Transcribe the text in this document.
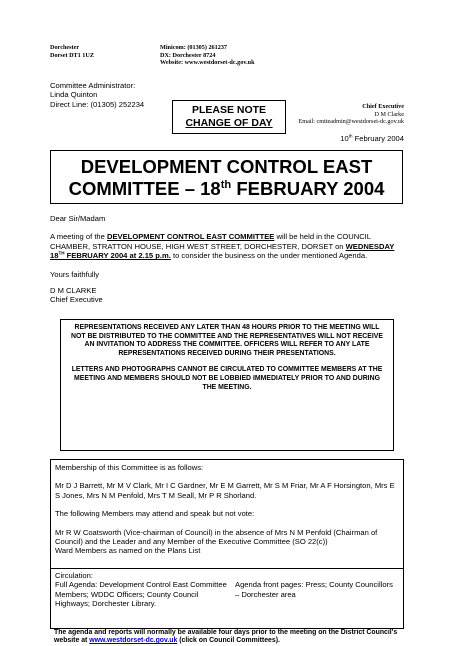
Dorchester
Dorset DT1 1UZ
Minicom: (01305) 261237
DX: Dorchester 8724
Website: www.westdorset-dc.gov.uk
Committee Administrator:
Linda Quinton
Direct Line: (01305) 252234	PLEASE NOTE
CHANGE OF DAY
Chief Executive
D M Clarke
Email: cmtteadmin@westdorset-dc.gov.uk
10th February 2004
DEVELOPMENT CONTROL EAST
COMMITTEE – 18th FEBRUARY 2004

Dear Sir/Madam

A meeting of the DEVELOPMENT CONTROL EAST COMMITTEE will be held in the COUNCIL CHAMBER, STRATTON HOUSE, HIGH WEST STREET, DORCHESTER, DORSET on WEDNESDAY 18TH FEBRUARY 2004 at 2.15 p.m. to consider the business on the under mentioned Agenda.

Yours faithfully

D M CLARKE

Chief Executive

REPRESENTATIONS RECEIVED ANY LATER THAN 48 HOURS PRIOR TO THE MEETING WILL NOT BE DISTRIBUTED TO THE COMMITTEE AND THE REPRESENTATIVES WILL NOT RECEIVE AN INVITATION TO ADDRESS THE COMMITTEE. OFFICERS WILL REFER TO ANY LATE REPRESENTATIONS RECEIVED DURING THEIR PRESENTATIONS.

LETTERS AND PHOTOGRAPHS CANNOT BE CIRCULATED TO COMMITTEE MEMBERS AT THE MEETING AND MEMBERS SHOULD NOT BE LOBBIED IMMEDIATELY PRIOR TO AND DURING THE MEETING.

Membership of this Committee is as follows:

Mr D J Barrett, Mr M V Clark, Mr I C Gardner, Mr E M Garrett, Mr S M Friar, Mr A F Horsington, Mrs E S Jones, Mrs N M Penfold, Mrs T M Seall, Mr P R Shorland.

The following Members may attend and speak but not vote:

Mr R W Coatsworth (Vice-chairman of Council) in the absence of Mrs N M Penfold (Chairman of Council) and the Leader and any Member of the Executive Committee (SO 22(c))

Ward Members as named on the Plans List

Circulation:

Full Agenda: Development Control East Committee Members; WDDC Officers; County Council Highways; Dorchester Library.

Agenda front pages: Press; County Councillors – Dorchester area

The agenda and reports will normally be available four days prior to the meeting on the District Council's website at www.westdorset-dc.gov.uk (click on Council Committees).
